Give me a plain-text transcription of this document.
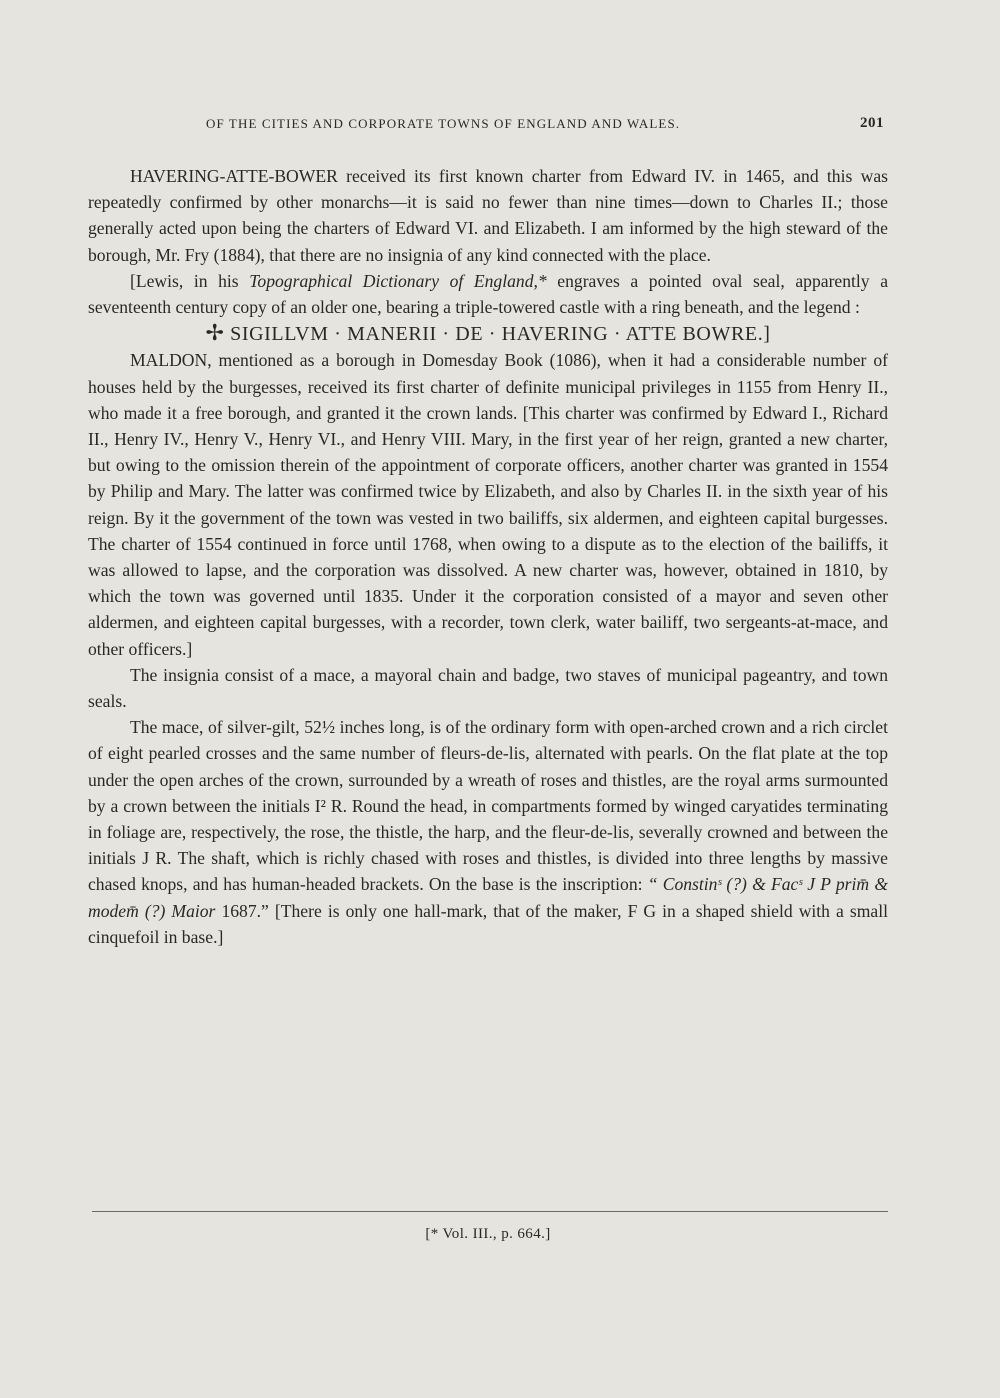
OF THE CITIES AND CORPORATE TOWNS OF ENGLAND AND WALES.	201

HAVERING-ATTE-BOWER received its first known charter from Edward IV. in 1465, and this was repeatedly confirmed by other monarchs—it is said no fewer than nine times—down to Charles II.; those generally acted upon being the charters of Edward VI. and Elizabeth. I am informed by the high steward of the borough, Mr. Fry (1884), that there are no insignia of any kind connected with the place.

[Lewis, in his Topographical Dictionary of England,* engraves a pointed oval seal, apparently a seventeenth century copy of an older one, bearing a triple-towered castle with a ring beneath, and the legend :

✢ SIGILLVM · MANERII · DE · HAVERING · ATTE BOWRE.]

MALDON, mentioned as a borough in Domesday Book (1086), when it had a considerable number of houses held by the burgesses, received its first charter of definite municipal privileges in 1155 from Henry II., who made it a free borough, and granted it the crown lands. [This charter was confirmed by Edward I., Richard II., Henry IV., Henry V., Henry VI., and Henry VIII. Mary, in the first year of her reign, granted a new charter, but owing to the omission therein of the appointment of corporate officers, another charter was granted in 1554 by Philip and Mary. The latter was confirmed twice by Elizabeth, and also by Charles II. in the sixth year of his reign. By it the government of the town was vested in two bailiffs, six aldermen, and eighteen capital burgesses. The charter of 1554 continued in force until 1768, when owing to a dispute as to the election of the bailiffs, it was allowed to lapse, and the corporation was dissolved. A new charter was, however, obtained in 1810, by which the town was governed until 1835. Under it the corporation consisted of a mayor and seven other aldermen, and eighteen capital burgesses, with a recorder, town clerk, water bailiff, two sergeants-at-mace, and other officers.]

The insignia consist of a mace, a mayoral chain and badge, two staves of municipal pageantry, and town seals.

The mace, of silver-gilt, 52½ inches long, is of the ordinary form with open-arched crown and a rich circlet of eight pearled crosses and the same number of fleurs-de-lis, alternated with pearls. On the flat plate at the top under the open arches of the crown, surrounded by a wreath of roses and thistles, are the royal arms surmounted by a crown between the initials I² R. Round the head, in compartments formed by winged caryatides terminating in foliage are, respectively, the rose, the thistle, the harp, and the fleur-de-lis, severally crowned and between the initials J R. The shaft, which is richly chased with roses and thistles, is divided into three lengths by massive chased knops, and has human-headed brackets. On the base is the inscription: “ Constinˢ (?) & Facˢ J P prim̄ & modem̄ (?) Maior 1687.” [There is only one hall-mark, that of the maker, F G in a shaped shield with a small cinquefoil in base.]

[* Vol. III., p. 664.]
